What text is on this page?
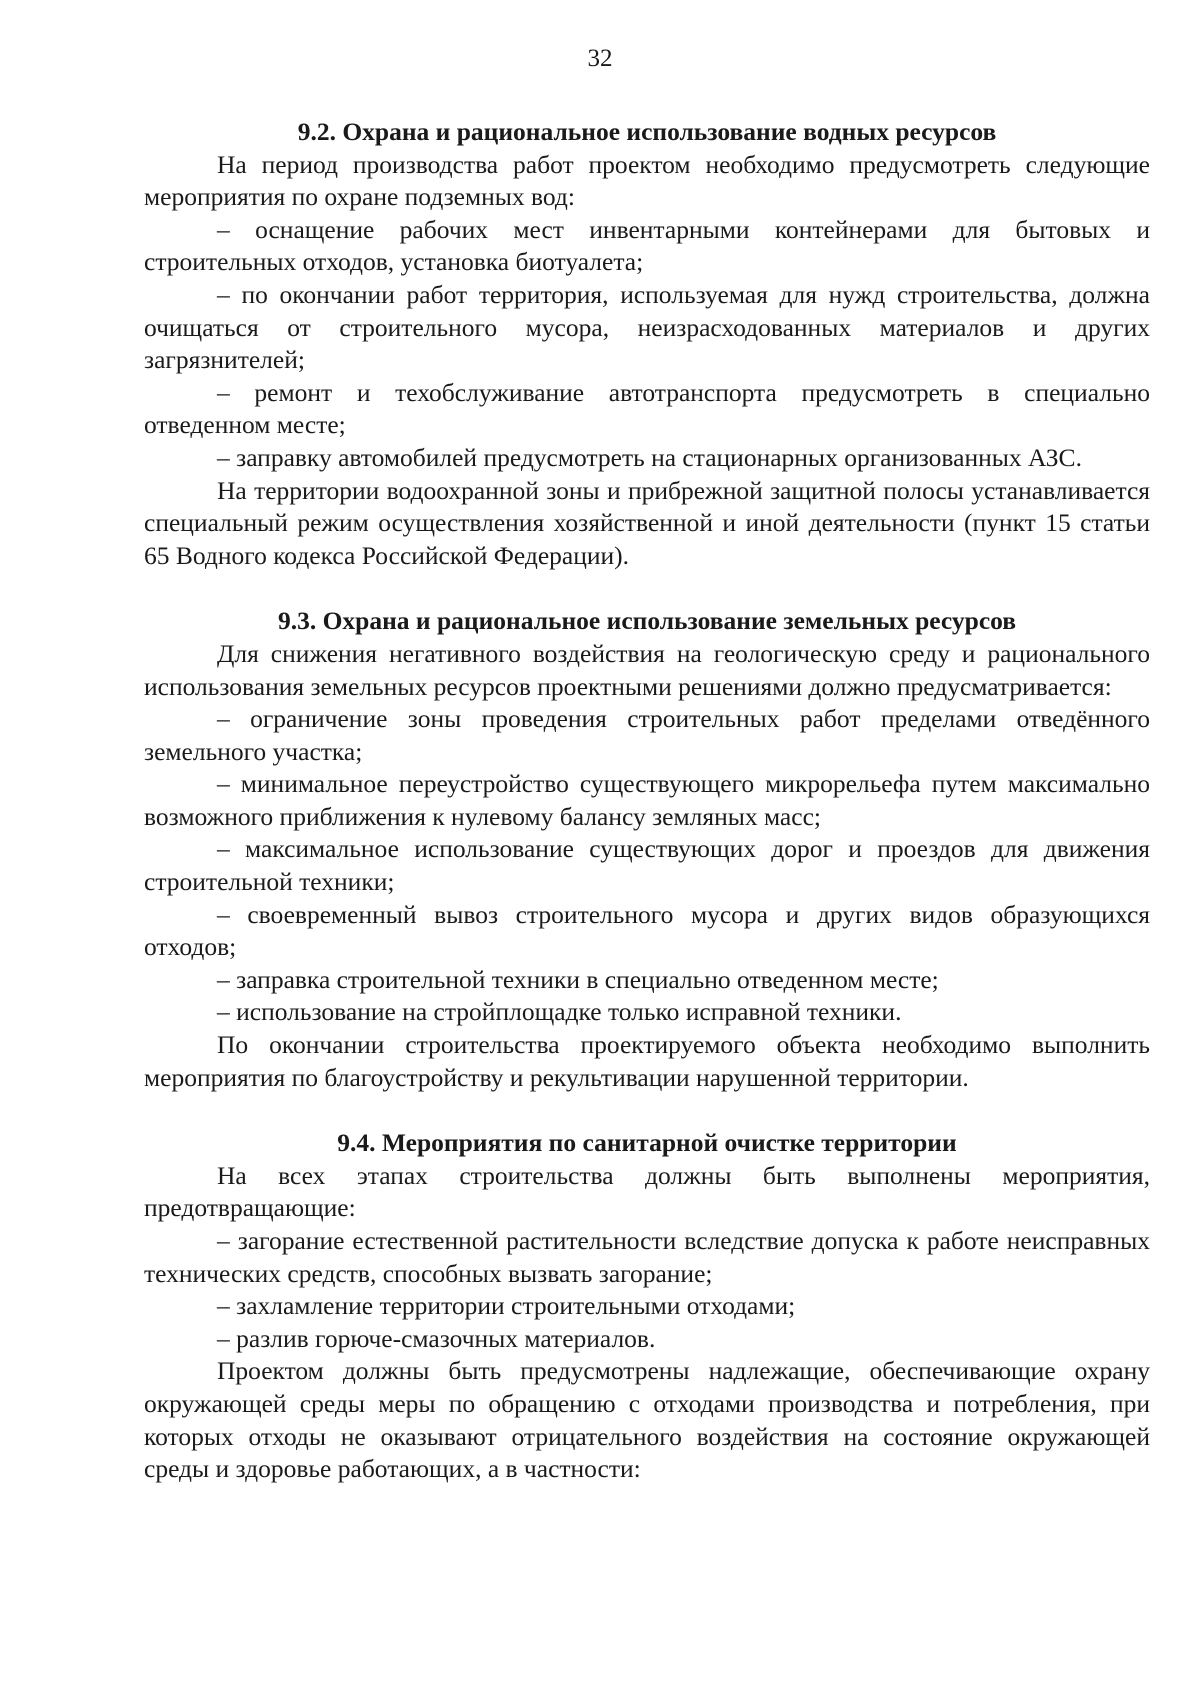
32

9.2. Охрана и рациональное использование водных ресурсов

На период производства работ проектом необходимо предусмотреть следующие мероприятия по охране подземных вод:

– оснащение рабочих мест инвентарными контейнерами для бытовых и строительных отходов, установка биотуалета;

– по окончании работ территория, используемая для нужд строительства, должна очищаться от строительного мусора, неизрасходованных материалов и других загрязнителей;

– ремонт и техобслуживание автотранспорта предусмотреть в специально отведенном месте;

– заправку автомобилей предусмотреть на стационарных организованных АЗС.

На территории водоохранной зоны и прибрежной защитной полосы устанавливается специальный режим осуществления хозяйственной и иной деятельности (пункт 15 статьи 65 Водного кодекса Российской Федерации).

9.3. Охрана и рациональное использование земельных ресурсов

Для снижения негативного воздействия на геологическую среду и рационального использования земельных ресурсов проектными решениями должно предусматривается:

– ограничение зоны проведения строительных работ пределами отведённого земельного участка;

– минимальное переустройство существующего микрорельефа путем максимально возможного приближения к нулевому балансу земляных масс;

– максимальное использование существующих дорог и проездов для движения строительной техники;

– своевременный вывоз строительного мусора и других видов образующихся отходов;

– заправка строительной техники в специально отведенном месте;

– использование на стройплощадке только исправной техники.

По окончании строительства проектируемого объекта необходимо выполнить мероприятия по благоустройству и рекультивации нарушенной территории.

9.4. Мероприятия по санитарной очистке территории

На всех этапах строительства должны быть выполнены мероприятия, предотвращающие:

– загорание естественной растительности вследствие допуска к работе неисправных технических средств, способных вызвать загорание;

– захламление территории строительными отходами;

– разлив горюче-смазочных материалов.

Проектом должны быть предусмотрены надлежащие, обеспечивающие охрану окружающей среды меры по обращению с отходами производства и потребления, при которых отходы не оказывают отрицательного воздействия на состояние окружающей среды и здоровье работающих, а в частности:
